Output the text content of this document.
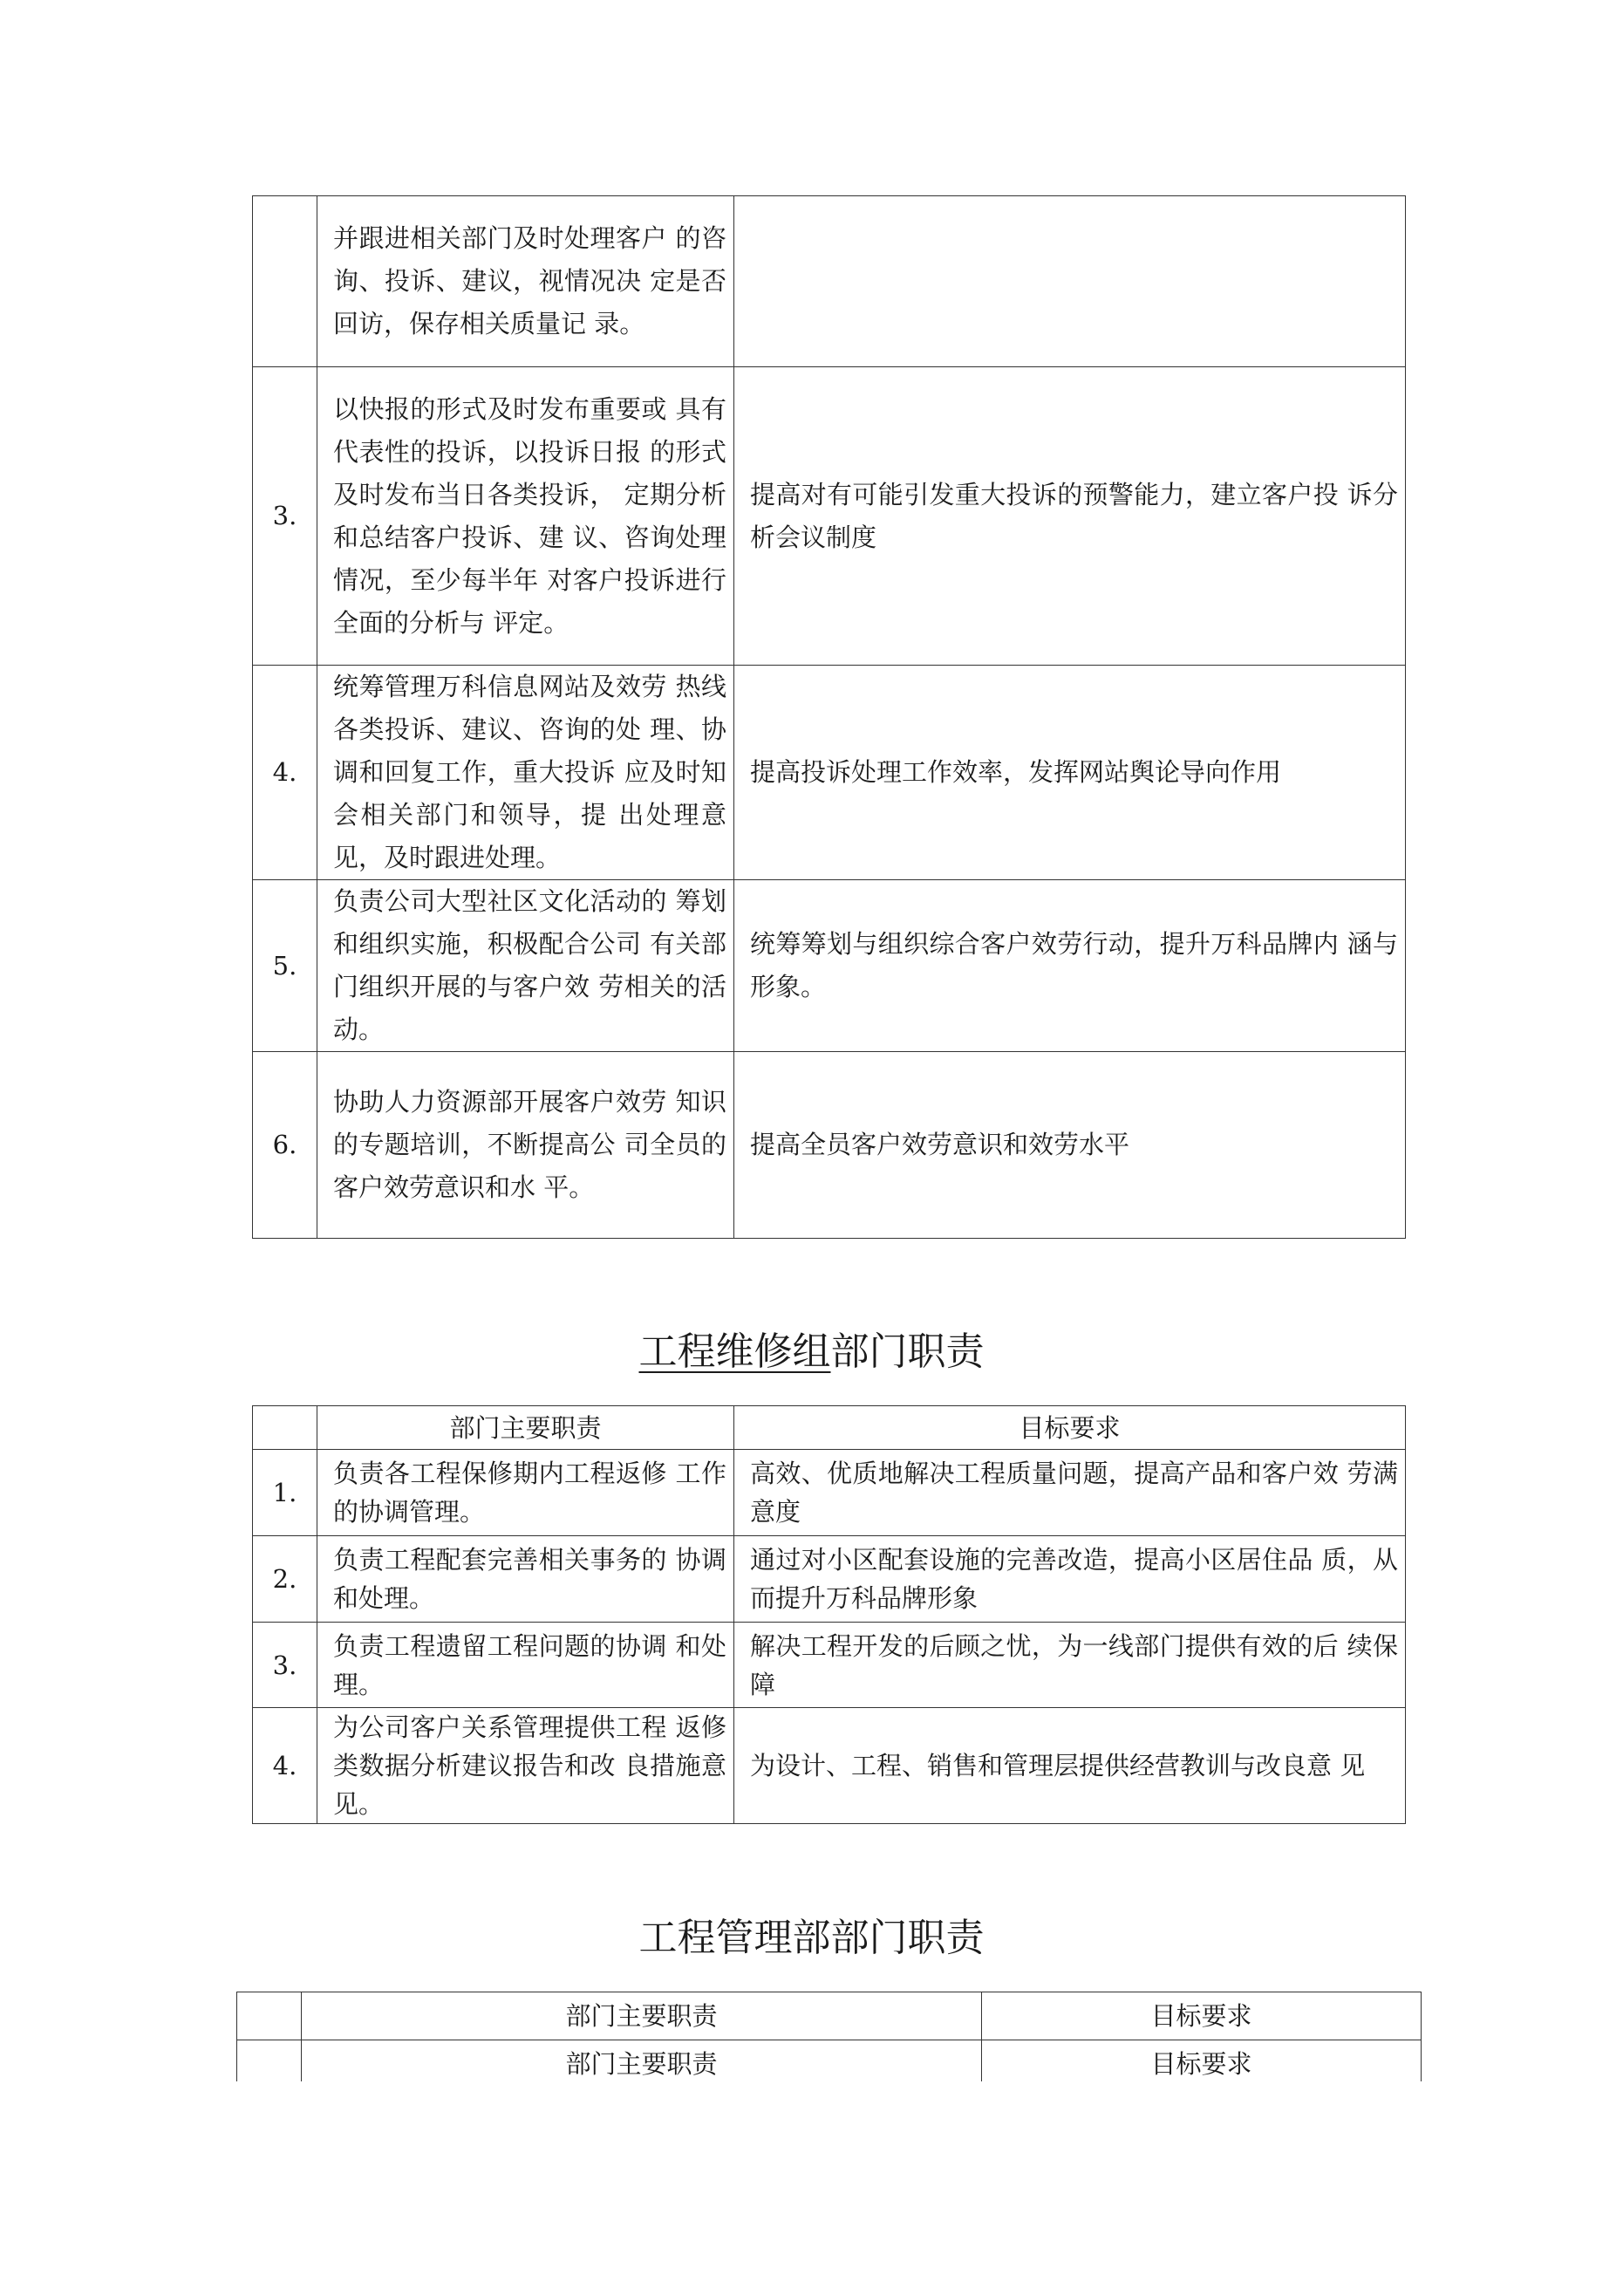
	并跟进相关部门及时处理客户 的咨询、投诉、建议，视情况决 定是否回访，保存相关质量记 录。	
3.	以快报的形式及时发布重要或 具有代表性的投诉，以投诉日报 的形式及时发布当日各类投诉， 定期分析和总结客户投诉、建 议、咨询处理情况，至少每半年 对客户投诉进行全面的分析与 评定。	提高对有可能引发重大投诉的预警能力，建立客户投 诉分析会议制度
4.	统筹管理万科信息网站及效劳 热线各类投诉、建议、咨询的处 理、协调和回复工作，重大投诉 应及时知会相关部门和领导，提 出处理意见，及时跟进处理。	提高投诉处理工作效率，发挥网站舆论导向作用
5.	负责公司大型社区文化活动的 筹划和组织实施，积极配合公司 有关部门组织开展的与客户效 劳相关的活动。	统筹筹划与组织综合客户效劳行动，提升万科品牌内 涵与形象。
6.	协助人力资源部开展客户效劳 知识的专题培训，不断提高公 司全员的客户效劳意识和水 平。	提高全员客户效劳意识和效劳水平
工程维修组部门职责
	部门主要职责	目标要求
1.	负责各工程保修期内工程返修 工作的协调管理。	高效、优质地解决工程质量问题，提高产品和客户效 劳满意度
2.	负责工程配套完善相关事务的 协调和处理。	通过对小区配套设施的完善改造，提高小区居住品 质，从而提升万科品牌形象
3.	负责工程遗留工程问题的协调 和处理。	解决工程开发的后顾之忧，为一线部门提供有效的后 续保障
4.	为公司客户关系管理提供工程 返修类数据分析建议报告和改 良措施意见。	为设计、工程、销售和管理层提供经营教训与改良意 见
工程管理部部门职责
	部门主要职责	目标要求
	部门主要职责	目标要求
